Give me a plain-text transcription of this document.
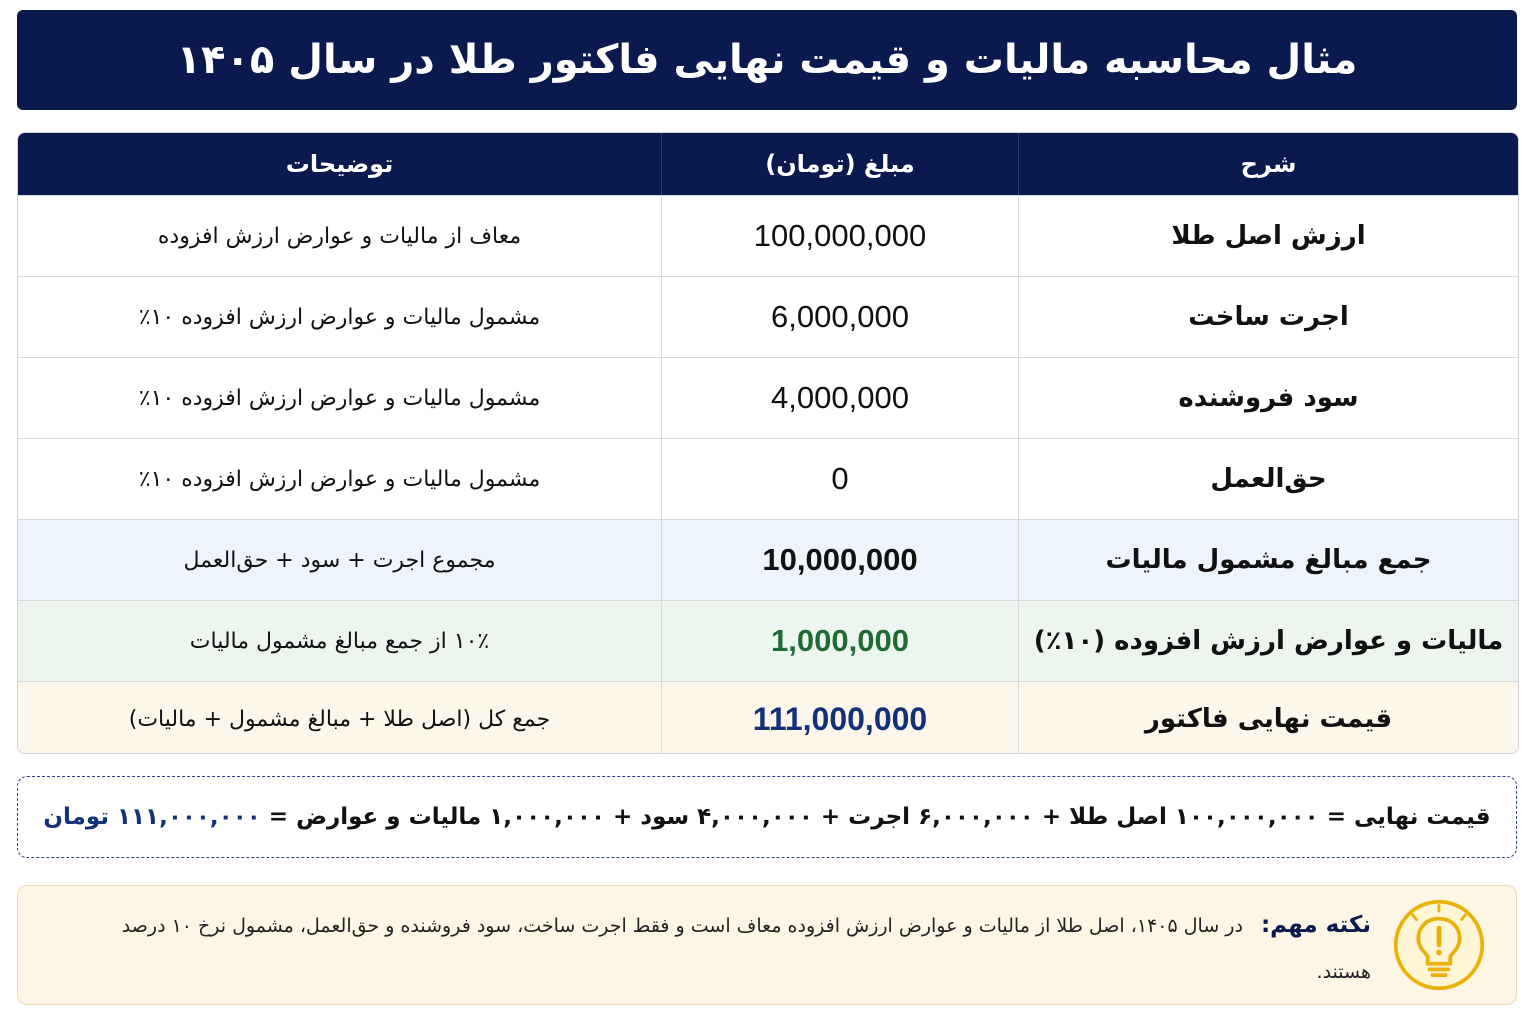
مثال محاسبه مالیات و قیمت نهایی فاکتور طلا در سال ۱۴۰۵
شرح
مبلغ (تومان)
توضیحات
ارزش اصل طلا
100,000,000
معاف از مالیات و عوارض ارزش افزوده
اجرت ساخت
6,000,000
مشمول مالیات و عوارض ارزش افزوده ۱۰٪
سود فروشنده
4,000,000
مشمول مالیات و عوارض ارزش افزوده ۱۰٪
حق‌العمل
0
مشمول مالیات و عوارض ارزش افزوده ۱۰٪
جمع مبالغ مشمول مالیات
10,000,000
مجموع اجرت + سود + حق‌العمل
مالیات و عوارض ارزش افزوده (۱۰٪)
1,000,000
۱۰٪ از جمع مبالغ مشمول مالیات
قیمت نهایی فاکتور
111,000,000
جمع کل (اصل طلا + مبالغ مشمول + مالیات)
قیمت نهایی = ۱۰۰,۰۰۰,۰۰۰ اصل طلا + ۶,۰۰۰,۰۰۰ اجرت + ۴,۰۰۰,۰۰۰ سود + ۱,۰۰۰,۰۰۰ مالیات و عوارض =
۱۱۱,۰۰۰,۰۰۰ تومان
نکته مهم: در سال ۱۴۰۵، اصل طلا از مالیات و عوارض ارزش افزوده معاف است و فقط اجرت ساخت، سود فروشنده و حق‌العمل، مشمول نرخ ۱۰ درصد هستند.
